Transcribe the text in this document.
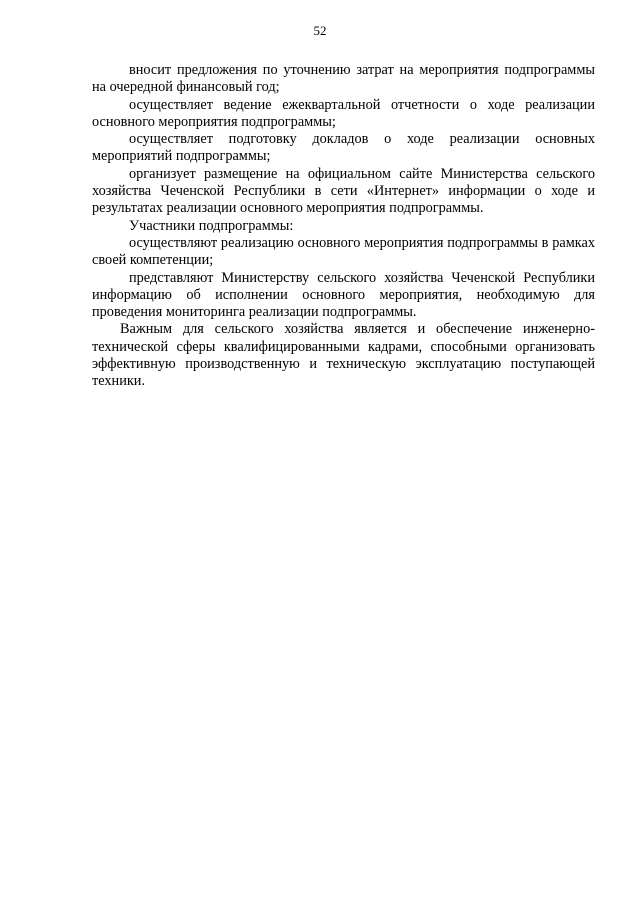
52

вносит предложения по уточнению затрат на мероприятия подпрограммы на очередной финансовый год;

осуществляет ведение ежеквартальной отчетности о ходе реализации основного мероприятия подпрограммы;

осуществляет подготовку докладов о ходе реализации основных мероприятий подпрограммы;

организует размещение на официальном сайте Министерства сельского хозяйства Чеченской Республики в сети «Интернет» информации о ходе и результатах реализации основного мероприятия подпрограммы.

Участники подпрограммы:

осуществляют реализацию основного мероприятия подпрограммы в рамках своей компетенции;

представляют Министерству сельского хозяйства Чеченской Республики информацию об исполнении основного мероприятия, необходимую для проведения мониторинга реализации подпрограммы.

Важным для сельского хозяйства является и обеспечение инженерно-технической сферы квалифицированными кадрами, способными организовать эффективную производственную и техническую эксплуатацию поступающей техники.
